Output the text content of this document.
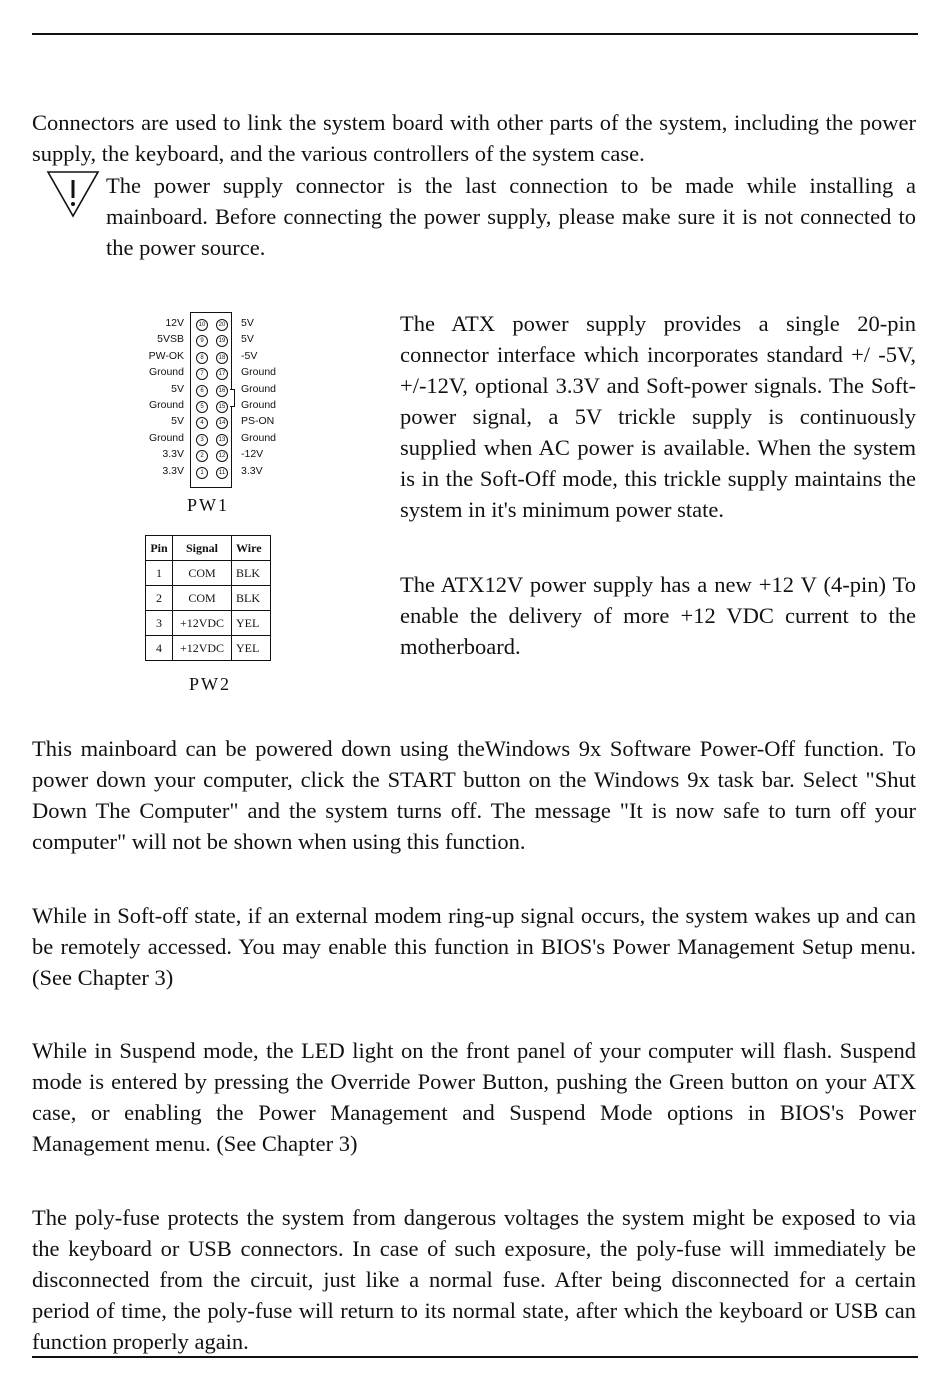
Connectors are used to link the system board with other parts of the system, including the power supply, the keyboard, and the various controllers of the system case.

The power supply connector is the last connection to be made while installing a mainboard. Before connecting the power supply, please make sure it is not connected to the power source.

12V	10	20 5V
5VSB	9	19 5V
PW-OK	8	18 -5V
Ground	7	17 Ground
5V	6	16 Ground
Ground	5	15 Ground
5V	4	14 PS-ON
Ground	3	13 Ground
3.3V	2	12 -12V
3.3V	1	11 3.3V
PW1
Pin	Signal	Wire
1	COM	BLK
2	COM	BLK
3	+12VDC	YEL
4	+12VDC	YEL
PW2

The ATX power supply provides a single 20-pin connector interface which incorporates standard +/ -5V, +/-12V, optional 3.3V and Soft-power signals. The Soft-power signal, a 5V trickle supply is continuously supplied when AC power is available. When the system is in the Soft-Off mode, this trickle supply maintains the system in it's minimum power state.

The ATX12V power supply has a new +12 V (4-pin) To enable the delivery of more +12 VDC current to the motherboard.

This mainboard can be powered down using theWindows 9x Software Power-Off function. To power down your computer, click the START button on the Windows 9x task bar. Select "Shut Down The Computer" and the system turns off. The message "It is now safe to turn off your computer" will not be shown when using this function.

While in Soft-off state, if an external modem ring-up signal occurs, the system wakes up and can be remotely accessed. You may enable this function in BIOS's Power Management Setup menu. (See Chapter 3)

While in Suspend mode, the LED light on the front panel of your computer will flash. Suspend mode is entered by pressing the Override Power Button, pushing the Green button on your ATX case, or enabling the Power Management and Suspend Mode options in BIOS's Power Management menu. (See Chapter 3)

The poly-fuse protects the system from dangerous voltages the system might be exposed to via the keyboard or USB connectors. In case of such exposure, the poly-fuse will immediately be disconnected from the circuit, just like a normal fuse. After being disconnected for a certain period of time, the poly-fuse will return to its normal state, after which the keyboard or USB can function properly again.
